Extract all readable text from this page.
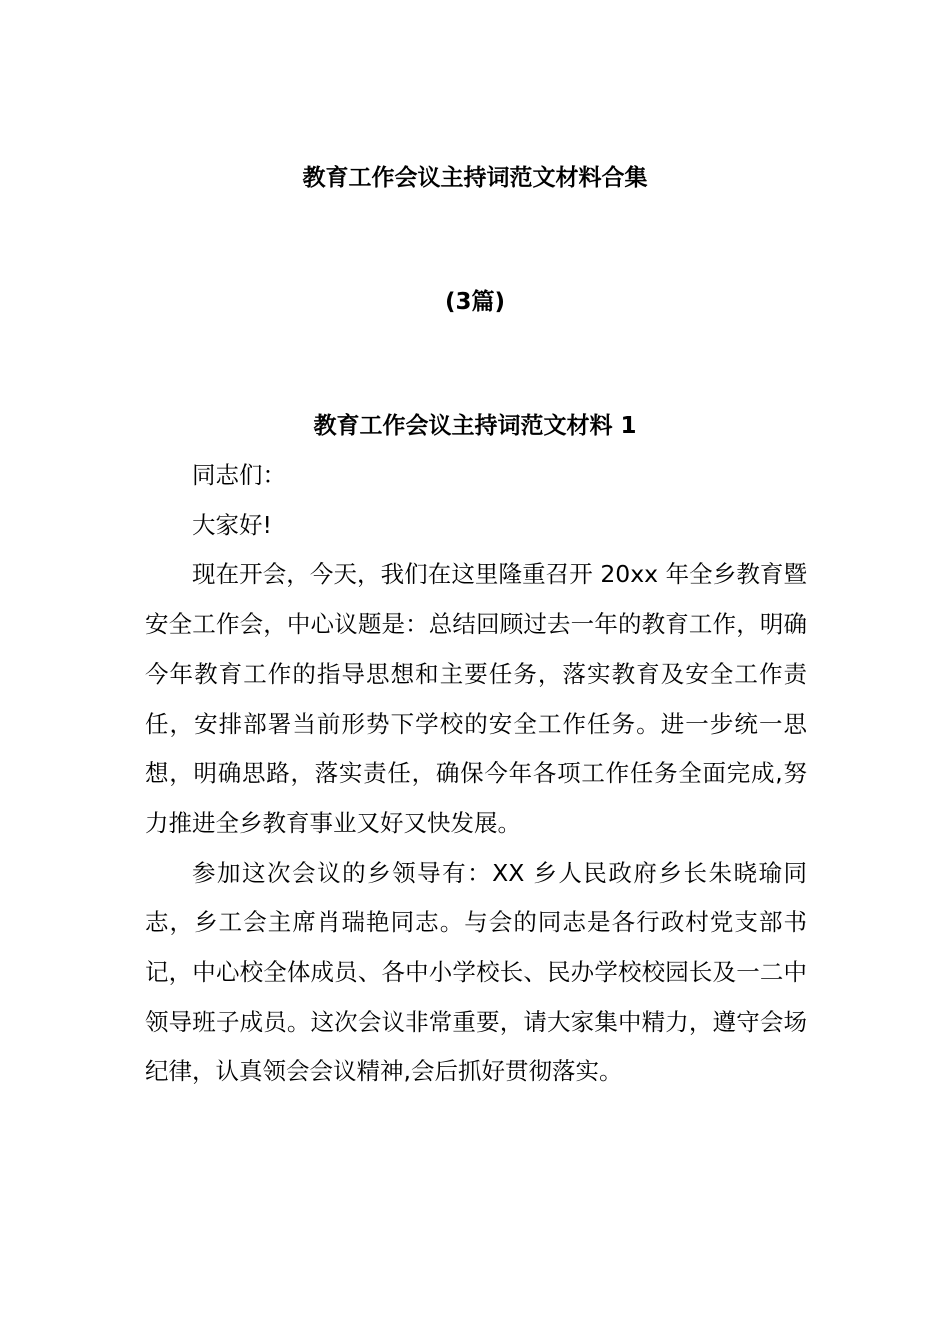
教育工作会议主持词范文材料合集
(3篇)
教育工作会议主持词范文材料 1

同志们：

大家好!

现在开会，今天，我们在这里隆重召开 20xx 年全乡教育暨安全工作会，中心议题是：总结回顾过去一年的教育工作，明确今年教育工作的指导思想和主要任务，落实教育及安全工作责任，安排部署当前形势下学校的安全工作任务。进一步统一思想，明确思路，落实责任，确保今年各项工作任务全面完成,努力推进全乡教育事业又好又快发展。

参加这次会议的乡领导有：XX 乡人民政府乡长朱晓瑜同志，乡工会主席肖瑞艳同志。与会的同志是各行政村党支部书记，中心校全体成员、各中小学校长、民办学校校园长及一二中领导班子成员。这次会议非常重要，请大家集中精力，遵守会场纪律，认真领会会议精神,会后抓好贯彻落实。
